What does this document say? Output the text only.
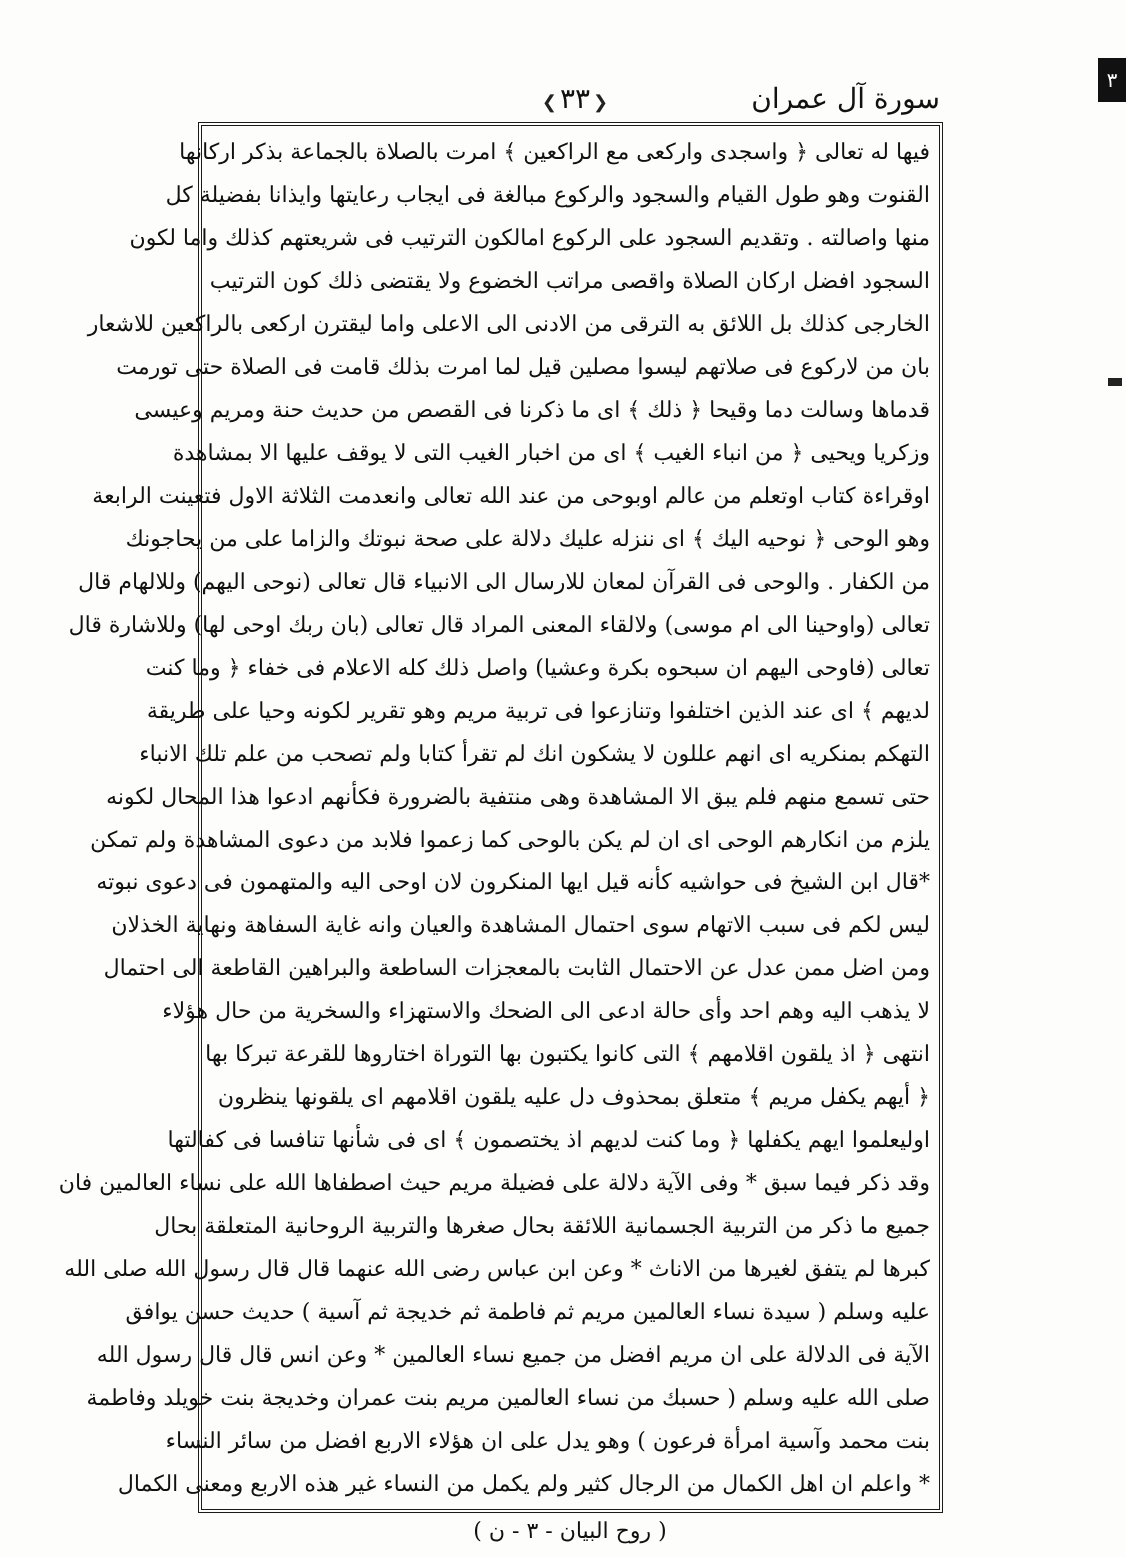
٣
سورة آل عمران
❮ ٣٣ ❯
فيها له تعالى ﴿ واسجدى واركعى مع الراكعين ﴾ امرت بالصلاة بالجماعة بذكر اركانها
القنوت وهو طول القيام والسجود والركوع مبالغة فى ايجاب رعايتها وايذانا بفضيلة كل
منها واصالته . وتقديم السجود على الركوع امالكون الترتيب فى شريعتهم كذلك واما لكون
السجود افضل اركان الصلاة واقصى مراتب الخضوع ولا يقتضى ذلك كون الترتيب
الخارجى كذلك بل اللائق به الترقى من الادنى الى الاعلى واما ليقترن اركعى بالراكعين للاشعار
بان من لاركوع فى صلاتهم ليسوا مصلين قيل لما امرت بذلك قامت فى الصلاة حتى تورمت
قدماها وسالت دما وقيحا ﴿ ذلك ﴾ اى ما ذكرنا فى القصص من حديث حنة ومريم وعيسى
وزكريا ويحيى ﴿ من انباء الغيب ﴾ اى من اخبار الغيب التى لا يوقف عليها الا بمشاهدة
اوقراءة كتاب اوتعلم من عالم اوبوحى من عند الله تعالى وانعدمت الثلاثة الاول فتعينت الرابعة
وهو الوحى ﴿ نوحيه اليك ﴾ اى ننزله عليك دلالة على صحة نبوتك والزاما على من يحاجونك
من الكفار . والوحى فى القرآن لمعان للارسال الى الانبياء قال تعالى (نوحى اليهم) وللالهام قال
تعالى (واوحينا الى ام موسى) ولالقاء المعنى المراد قال تعالى (بان ربك اوحى لها) وللاشارة قال
تعالى (فاوحى اليهم ان سبحوه بكرة وعشيا) واصل ذلك كله الاعلام فى خفاء ﴿ وما كنت
لديهم ﴾ اى عند الذين اختلفوا وتنازعوا فى تربية مريم وهو تقرير لكونه وحيا على طريقة
التهكم بمنكريه اى انهم عللون لا يشكون انك لم تقرأ كتابا ولم تصحب من علم تلك الانباء
حتى تسمع منهم فلم يبق الا المشاهدة وهى منتفية بالضرورة فكأنهم ادعوا هذا المحال لكونه
يلزم من انكارهم الوحى اى ان لم يكن بالوحى كما زعموا فلابد من دعوى المشاهدة ولم تمكن
*قال ابن الشيخ فى حواشيه كأنه قيل ايها المنكرون لان اوحى اليه والمتهمون فى دعوى نبوته
ليس لكم فى سبب الاتهام سوى احتمال المشاهدة والعيان وانه غاية السفاهة ونهاية الخذلان
ومن اضل ممن عدل عن الاحتمال الثابت بالمعجزات الساطعة والبراهين القاطعة الى احتمال
لا يذهب اليه وهم احد وأى حالة ادعى الى الضحك والاستهزاء والسخرية من حال هؤلاء
انتهى ﴿ اذ يلقون اقلامهم ﴾ التى كانوا يكتبون بها التوراة اختاروها للقرعة تبركا بها
﴿ أيهم يكفل مريم ﴾ متعلق بمحذوف دل عليه يلقون اقلامهم اى يلقونها ينظرون
اوليعلموا ايهم يكفلها ﴿ وما كنت لديهم اذ يختصمون ﴾ اى فى شأنها تنافسا فى كفالتها
وقد ذكر فيما سبق * وفى الآية دلالة على فضيلة مريم حيث اصطفاها الله على نساء العالمين فان
جميع ما ذكر من التربية الجسمانية اللائقة بحال صغرها والتربية الروحانية المتعلقة بحال
كبرها لم يتفق لغيرها من الاناث * وعن ابن عباس رضى الله عنهما قال قال رسول الله صلى الله
عليه وسلم ( سيدة نساء العالمين مريم ثم فاطمة ثم خديجة ثم آسية ) حديث حسن يوافق
الآية فى الدلالة على ان مريم افضل من جميع نساء العالمين * وعن انس قال قال رسول الله
صلى الله عليه وسلم ( حسبك من نساء العالمين مريم بنت عمران وخديجة بنت خويلد وفاطمة
بنت محمد وآسية امرأة فرعون ) وهو يدل على ان هؤلاء الاربع افضل من سائر النساء
* واعلم ان اهل الكمال من الرجال كثير ولم يكمل من النساء غير هذه الاربع ومعنى الكمال
( روح البيان - ٣ - ن )
